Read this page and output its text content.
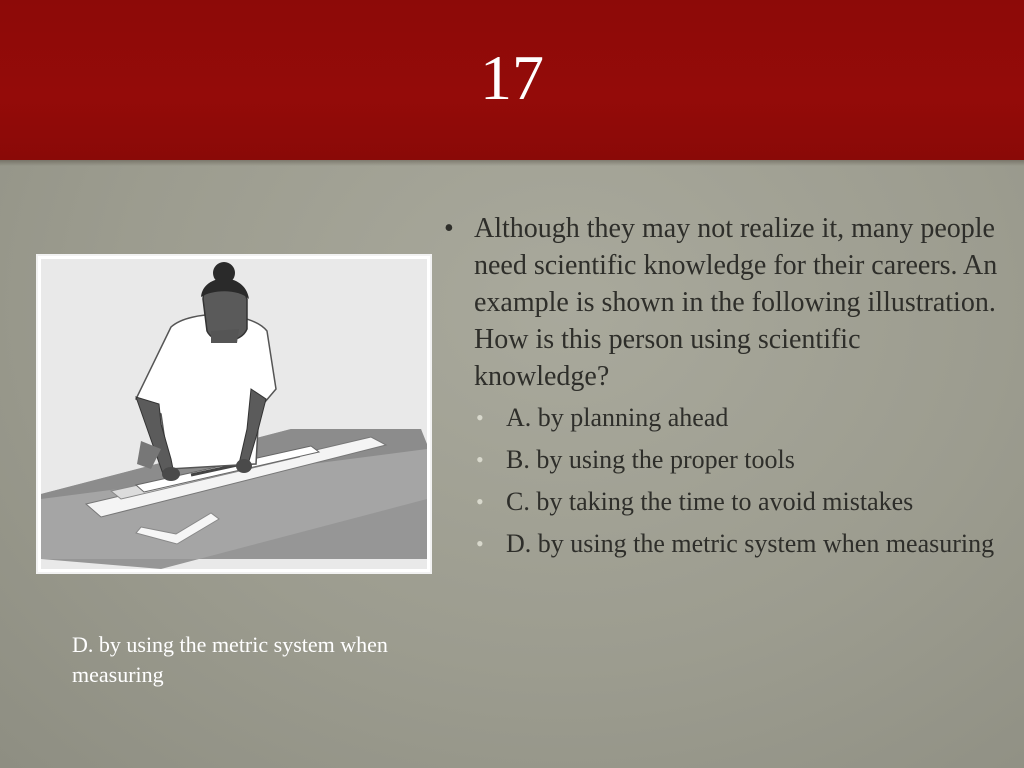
17
D. by using the metric system when measuring
• Although they may not realize it, many people need scientific knowledge for their careers. An example is shown in the following illustration. How is this person using scientific knowledge?
• A. by planning ahead
• B. by using the proper tools
• C. by taking the time to avoid mistakes
• D. by using the metric system when measuring
